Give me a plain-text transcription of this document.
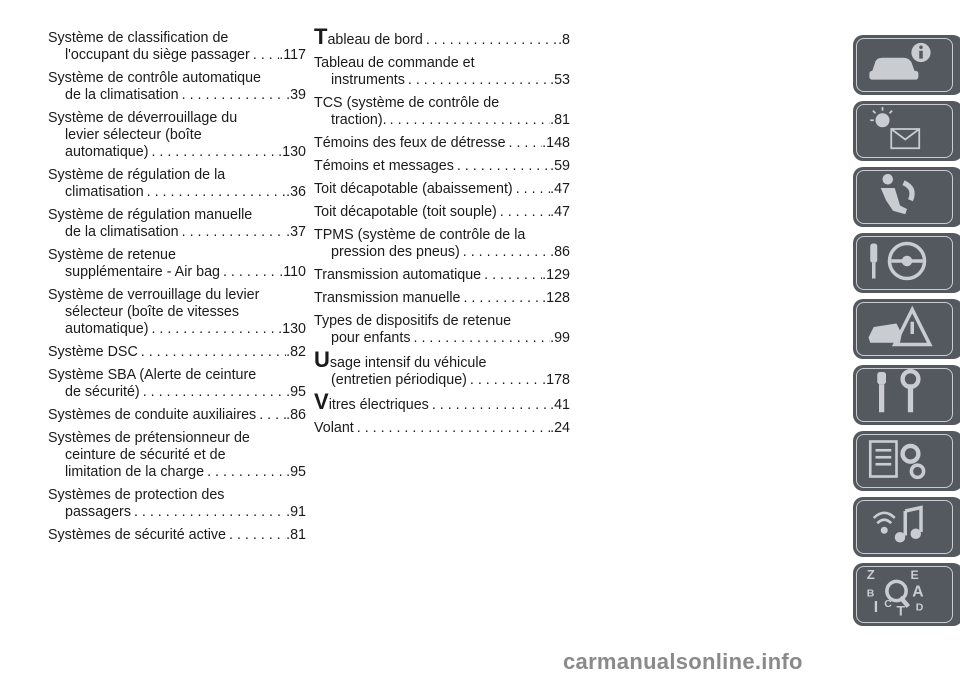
Système de classification de
l'occupant du siège passager . . . .117
Système de contrôle automatique
de la climatisation . . .	.39
Système de déverrouillage du
levier sélecteur (boîte
automatique) . . .	.130
Système de régulation de la
climatisation . . .	.36
Système de régulation manuelle
de la climatisation . . .	.37
Système de retenue
supplémentaire - Air bag . . .	.110
Système de verrouillage du levier
sélecteur (boîte de vitesses
automatique) . . .	.130
Système DSC . . .	.82
Système SBA (Alerte de ceinture
de sécurité) . . .	.95
Systèmes de conduite auxiliaires . . . .86
Systèmes de prétensionneur de
ceinture de sécurité et de
limitation de la charge . . .	.95
Systèmes de protection des
passagers . . .	.91
Systèmes de sécurité active . . .	.81
Tableau de bord . . .	.8
Tableau de commande et
instruments . . .	.53
TCS (système de contrôle de
traction). . . .	.81
Témoins des feux de détresse . . .	.148
Témoins et messages . . .	.59
Toit décapotable (abaissement) . . .	.47
Toit décapotable (toit souple) . . .	.47
TPMS (système de contrôle de la
pression des pneus) . . .	.86
Transmission automatique . . .	.129
Transmission manuelle . . .	.128
Types de dispositifs de retenue
pour enfants . . .	.99
Usage intensif du véhicule
(entretien périodique) . . .	.178
Vitres électriques . . .	.41
Volant . . .	.24
Z	E
B A
I C T D
carmanualsonline.info
